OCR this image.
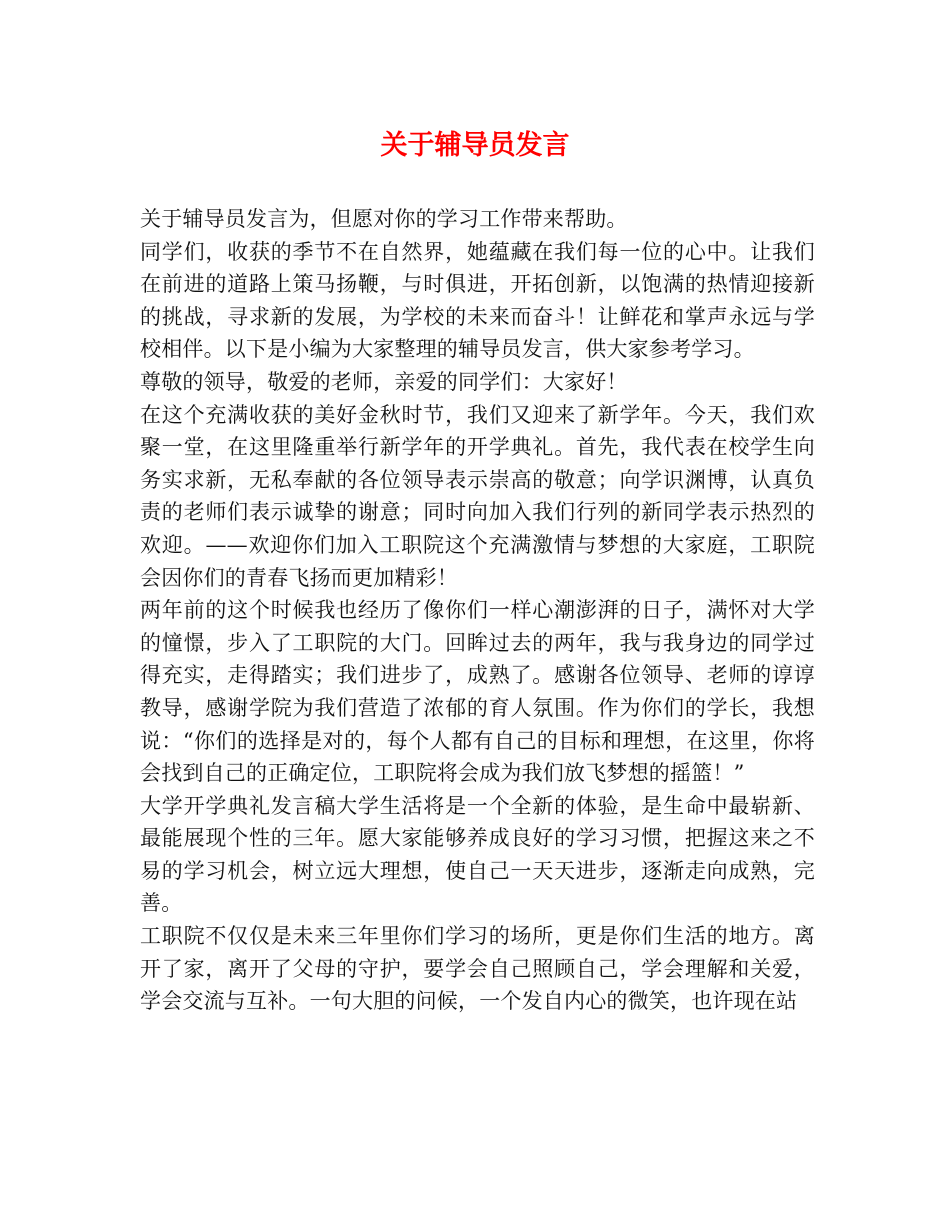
关于辅导员发言

关于辅导员发言为，但愿对你的学习工作带来帮助。

同学们，收获的季节不在自然界，她蕴藏在我们每一位的心中。让我们在前进的道路上策马扬鞭，与时俱进，开拓创新，以饱满的热情迎接新的挑战，寻求新的发展，为学校的未来而奋斗！让鲜花和掌声永远与学校相伴。以下是小编为大家整理的辅导员发言，供大家参考学习。

尊敬的领导，敬爱的老师，亲爱的同学们：大家好！

在这个充满收获的美好金秋时节，我们又迎来了新学年。今天，我们欢聚一堂，在这里隆重举行新学年的开学典礼。首先，我代表在校学生向务实求新，无私奉献的各位领导表示崇高的敬意；向学识渊博，认真负责的老师们表示诚挚的谢意；同时向加入我们行列的新同学表示热烈的欢迎。——欢迎你们加入工职院这个充满激情与梦想的大家庭，工职院会因你们的青春飞扬而更加精彩！

两年前的这个时候我也经历了像你们一样心潮澎湃的日子，满怀对大学的憧憬，步入了工职院的大门。回眸过去的两年，我与我身边的同学过得充实，走得踏实；我们进步了，成熟了。感谢各位领导、老师的谆谆教导，感谢学院为我们营造了浓郁的育人氛围。作为你们的学长，我想说：“你们的选择是对的，每个人都有自己的目标和理想，在这里，你将会找到自己的正确定位，工职院将会成为我们放飞梦想的摇篮！”

大学开学典礼发言稿大学生活将是一个全新的体验，是生命中最崭新、最能展现个性的三年。愿大家能够养成良好的学习习惯，把握这来之不易的学习机会，树立远大理想，使自己一天天进步，逐渐走向成熟，完善。

工职院不仅仅是未来三年里你们学习的场所，更是你们生活的地方。离开了家，离开了父母的守护，要学会自己照顾自己，学会理解和关爱，学会交流与互补。一句大胆的问候，一个发自内心的微笑，也许现在站
